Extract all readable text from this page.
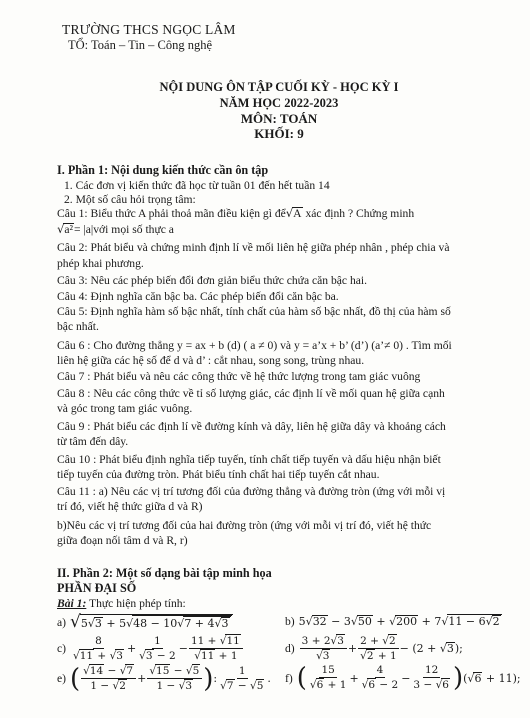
TRƯỜNG THCS NGỌC LÂM
TỔ: Toán – Tin – Công nghệ
NỘI DUNG ÔN TẬP CUỐI KỲ - HỌC KỲ I
NĂM HỌC 2022-2023
MÔN: TOÁN
KHỐI: 9
I. Phần 1: Nội dung kiến thức cần ôn tập
1. Các đơn vị kiến thức đã học từ tuần 01 đến hết tuần 14
2. Một số câu hỏi trọng tâm:
Câu 1: Biểu thức A phải thoả mãn điều kiện gì để√A xác định ? Chứng minh
√a²= |a|với mọi số thực a
Câu 2: Phát biểu và chứng minh định lí về mối liên hệ giữa phép nhân , phép chia và
phép khai phương.
Câu 3: Nêu các phép biến đổi đơn giản biểu thức chứa căn bậc hai.
Câu 4: Định nghĩa căn bậc ba. Các phép biến đổi căn bậc ba.
Câu 5: Định nghĩa hàm số bậc nhất, tính chất của hàm số bậc nhất, đồ thị của hàm số
bậc nhất.
Câu 6 : Cho đường thẳng y = ax + b (d) ( a ≠ 0) và y = a’x + b’ (d’) (a’≠ 0) . Tìm mối
liên hệ giữa các hệ số để d và d’ : cắt nhau, song song, trùng nhau.
Câu 7 : Phát biểu và nêu các công thức về hệ thức lượng trong tam giác vuông
Câu 8 : Nêu các công thức về tỉ số lượng giác, các định lí về mối quan hệ giữa cạnh
và góc trong tam giác vuông.
Câu 9 : Phát biểu các định lí về đường kính và dây, liên hệ giữa dây và khoảng cách
từ tâm đến dây.
Câu 10 : Phát biểu định nghĩa tiếp tuyến, tính chất tiếp tuyến và dấu hiệu nhận biết
tiếp tuyến của đường tròn. Phát biểu tính chất hai tiếp tuyến cắt nhau.
Câu 11 : a) Nêu các vị trí tương đối của đường thẳng và đường tròn (ứng với mỗi vị
trí đó, viết hệ thức giữa d và R)
b)Nêu các vị trí tương đối của hai đường tròn (ứng với mỗi vị trí đó, viết hệ thức
giữa đoạn nối tâm d và R, r)
II. Phần 2: Một số dạng bài tập minh họa
PHẦN ĐẠI SỐ
Bài 1: Thực hiện phép tính:
a) √ 5√3 + 5√48 − 10√7 + 4√3	b) 5√32 − 3√50 + √200 + 7√11 − 6√2
$c) \frac{8}{√11 + √3} + \frac{1}{√3 - 2} - \frac{11 + √11}{√11 + 1}$	$d) \frac{3 + 2√3}{√3} + \frac{2 + √2}{√2 + 1} - (2 + √3)$;
e) ( $\frac{√14 - √7}{1 - √2} + \frac{√15 - √5}{1 - √3}$ ) : $\frac{1}{√7 - √5}$ . f) ( $\frac{15}{√6 + 1} + \frac{4}{√6 - 2} - \frac{12}{3 - √6}$ ) (√6 + 11);
